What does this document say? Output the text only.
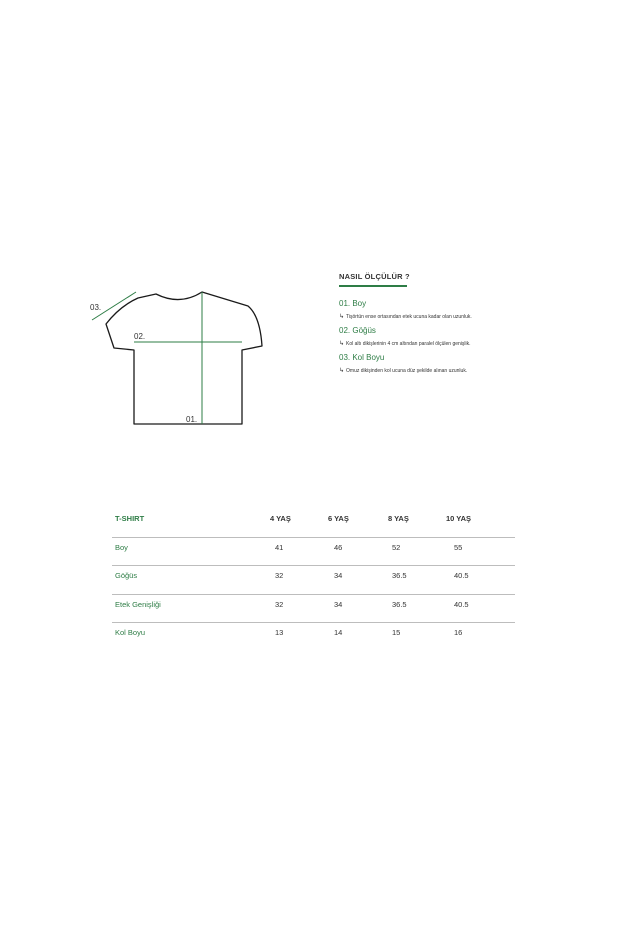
03.
02.
01.
NASIL ÖLÇÜLÜR ?
01. Boy
↳ Tişörtün ense ortasından etek ucuna kadar olan uzunluk.
02. Göğüs
↳ Kol altı dikişlerinin 4 cm altından paralel ölçülen genişlik.
03. Kol Boyu
↳ Omuz dikişinden kol ucuna düz şekilde alınan uzunluk.
T-SHIRT	4 YAŞ	6 YAŞ	8 YAŞ	10 YAŞ
Boy	41	46	52	55
Göğüs	32	34	36.5	40.5
Etek Genişliği	32	34	36.5	40.5
Kol Boyu	13	14	15	16
